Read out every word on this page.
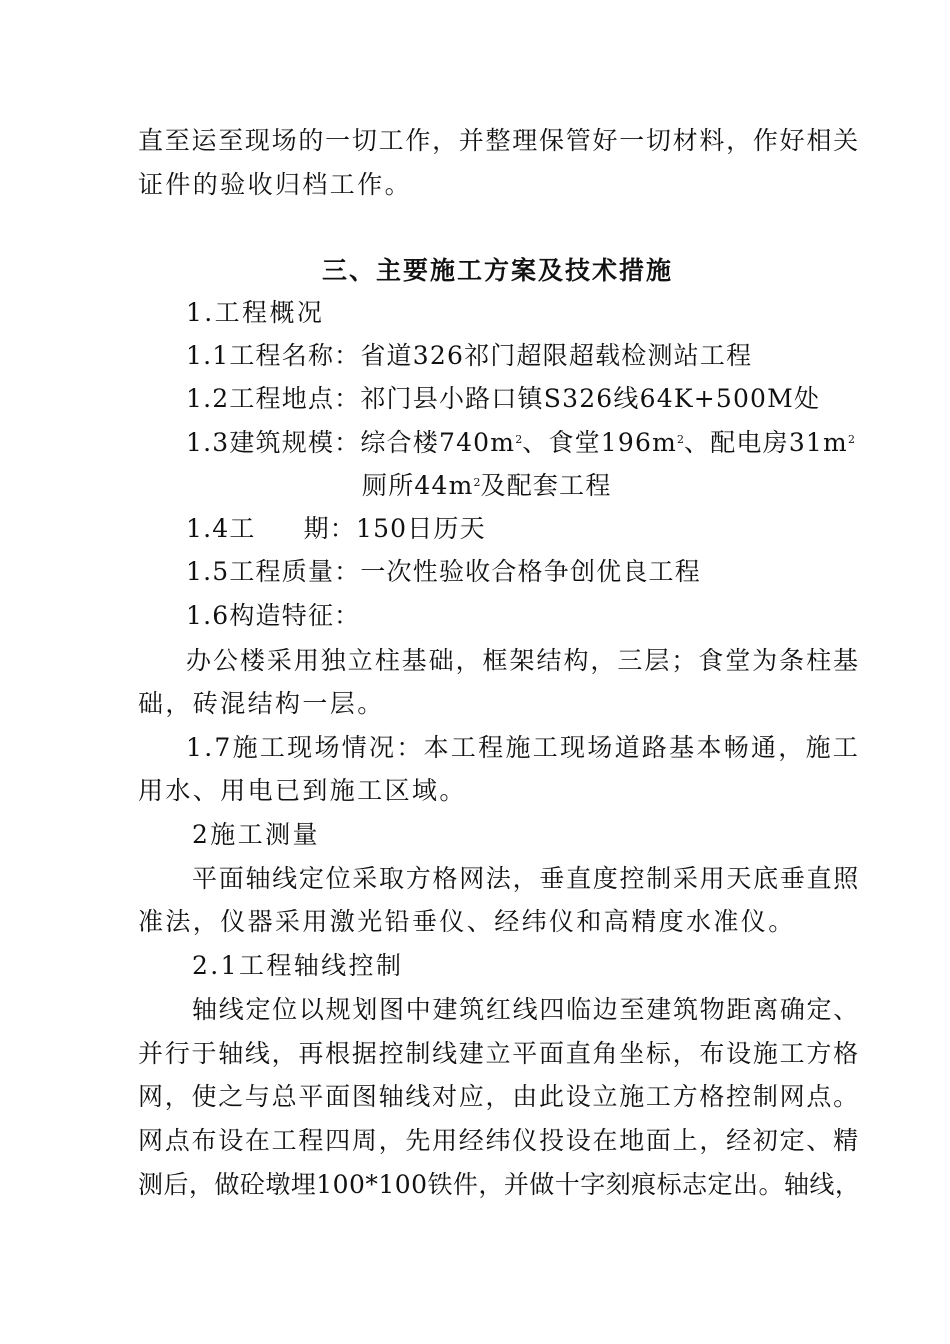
直至运至现场的一切工作，并整理保管好一切材料，作好相关
证件的验收归档工作。
三、主要施工方案及技术措施
1.工程概况
1.1工程名称：省道326祁门超限超载检测站工程
1.2工程地点：祁门县小路口镇S326线64K+500M处
1.3建筑规模：综合楼$740m^2$、食堂$196m^2$、配电房$31m^2$
厕所$44m^2$及配套工程
1.4工 期：150日历天
1.5工程质量：一次性验收合格争创优良工程
1.6构造特征：
办公楼采用独立柱基础，框架结构，三层；食堂为条柱基
础，砖混结构一层。
1.7施工现场情况：本工程施工现场道路基本畅通，施工
用水、用电已到施工区域。
2施工测量
平面轴线定位采取方格网法，垂直度控制采用天底垂直照
准法，仪器采用激光铅垂仪、经纬仪和高精度水准仪。
2.1工程轴线控制
轴线定位以规划图中建筑红线四临边至建筑物距离确定、
并行于轴线，再根据控制线建立平面直角坐标，布设施工方格
网，使之与总平面图轴线对应，由此设立施工方格控制网点。
网点布设在工程四周，先用经纬仪投设在地面上，经初定、精
测后，做砼墩埋100*100铁件，并做十字刻痕标志定出。轴线，
